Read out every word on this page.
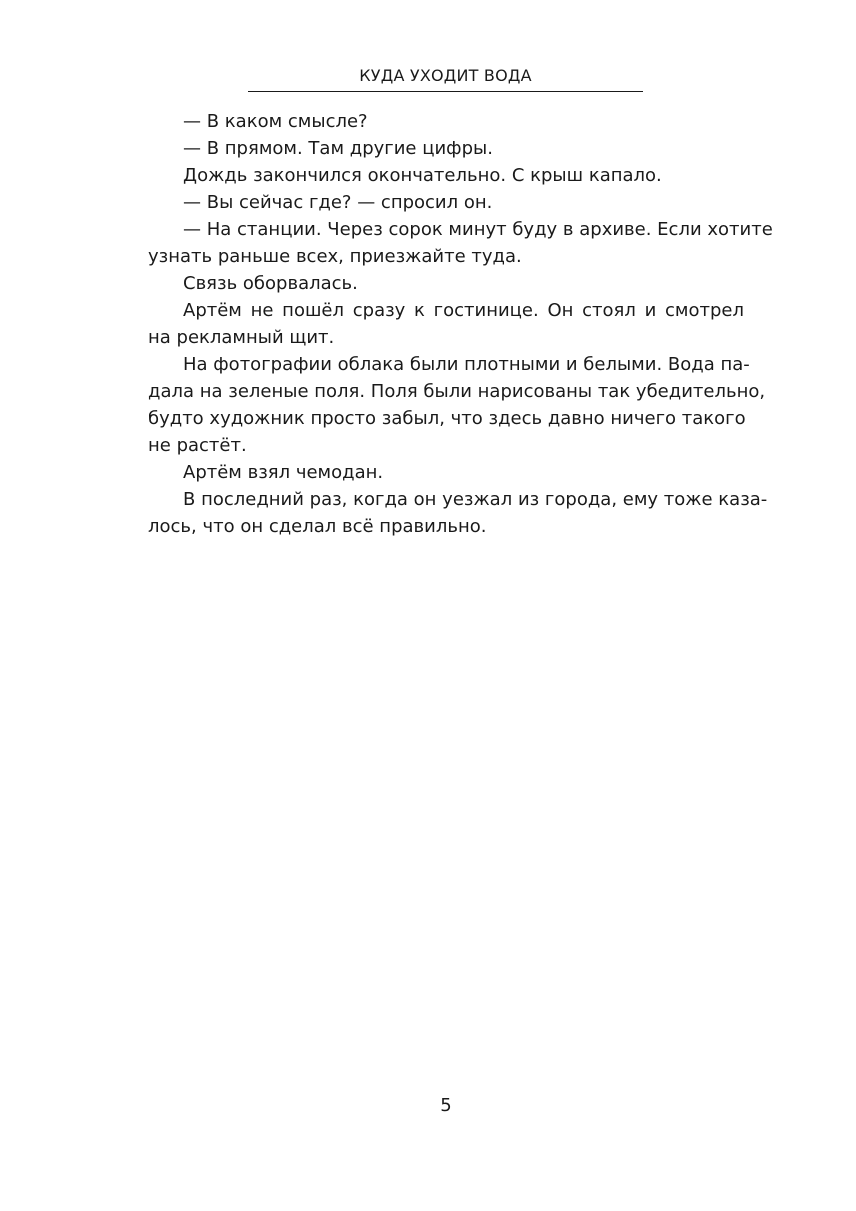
КУДА УХОДИТ ВОДА
— В каком смысле?
— В прямом. Там другие цифры.
Дождь закончился окончательно. С крыш капало.
— Вы сейчас где? — спросил он.
— На станции. Через сорок минут буду в архиве. Если хотите
узнать раньше всех, приезжайте туда.
Связь оборвалась.
Артём не пошёл сразу к гостинице. Он стоял и смотрел
на рекламный щит.
На фотографии облака были плотными и белыми. Вода па-
дала на зеленые поля. Поля были нарисованы так убедительно,
будто художник просто забыл, что здесь давно ничего такого
не растёт.
Артём взял чемодан.
В последний раз, когда он уезжал из города, ему тоже каза-
лось, что он сделал всё правильно.
5
